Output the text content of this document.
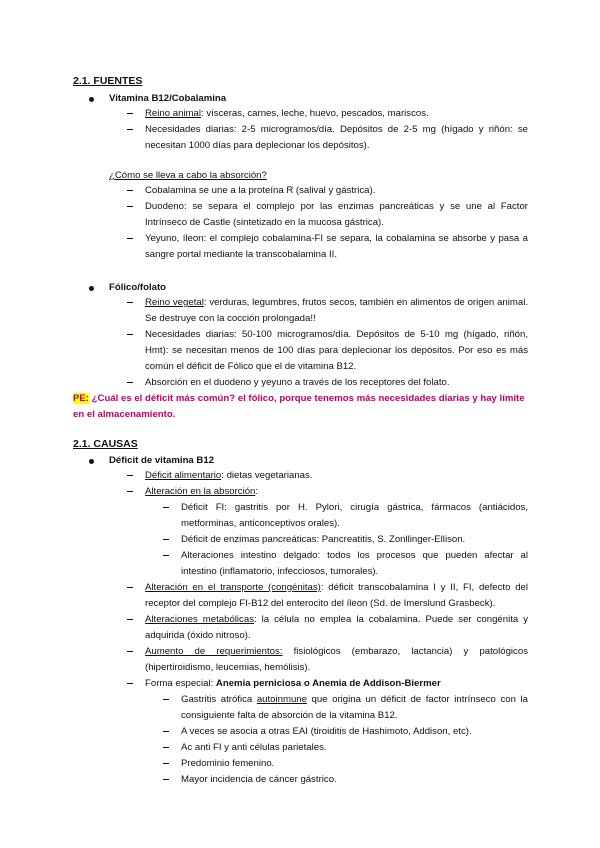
2.1. FUENTES
Vitamina B12/Cobalamina
Reino animal: vísceras, carnes, leche, huevo, pescados, mariscos.
Necesidades diarias: 2-5 microgramos/día. Depósitos de 2-5 mg (hígado y riñón: se necesitan 1000 días para deplecionar los depósitos).
¿Cómo se lleva a cabo la absorción?
Cobalamina se une a la proteína R (salival y gástrica).
Duodeno: se separa el complejo por las enzimas pancreáticas y se une al Factor Intrínseco de Castle (sintetizado en la mucosa gástrica).
Yeyuno, íleon: el complejo cobalamina-FI se separa, la cobalamina se absorbe y pasa a sangre portal mediante la transcobalamina II.
Fólico/folato
Reino vegetal: verduras, legumbres, frutos secos, también en alimentos de origen animal. Se destruye con la cocción prolongada!!
Necesidades diarias: 50-100 microgramos/día. Depósitos de 5-10 mg (hígado, riñón, Hmt): se necesitan menos de 100 días para deplecionar los depósitos. Por eso es más común el déficit de Fólico que el de vitamina B12.
Absorción en el duodeno y yeyuno a través de los receptores del folato.
PE: ¿Cuál es el déficit más común? el fólico, porque tenemos más necesidades diarias y hay límite en el almacenamiento.
2.1. CAUSAS
Déficit de vitamina B12
Déficit alimentario: dietas vegetarianas.
Alteración en la absorción:
Déficit FI: gastritis por H. Pylori, cirugía gástrica, fármacos (antiácidos, metforminas, anticonceptivos orales).
Déficit de enzimas pancreáticas: Pancreatitis, S. Zonllinger-Ellison.
Alteraciones intestino delgado: todos los procesos que pueden afectar al intestino (inflamatorio, infecciosos, tumorales).
Alteración en el transporte (congénitas): déficit transcobalamina I y II, FI, defecto del receptor del complejo FI-B12 del enterocito del íleon (Sd. de Imerslund Grasbeck).
Alteraciones metabólicas: la célula no emplea la cobalamina. Puede ser congénita y adquirida (óxido nitroso).
Aumento de requerimientos: fisiológicos (embarazo, lactancia) y patológicos (hipertiroidismo, leucemias, hemólisis).
Forma especial: Anemia perniciosa o Anemia de Addison-Biermer
Gastritis atrófica autoinmune que origina un déficit de factor intrínseco con la consiguiente falta de absorción de la vitamina B12.
A veces se asocia a otras EAI (tiroiditis de Hashimoto, Addison, etc).
Ac anti FI y anti células parietales.
Predominio femenino.
Mayor incidencia de cáncer gástrico.
